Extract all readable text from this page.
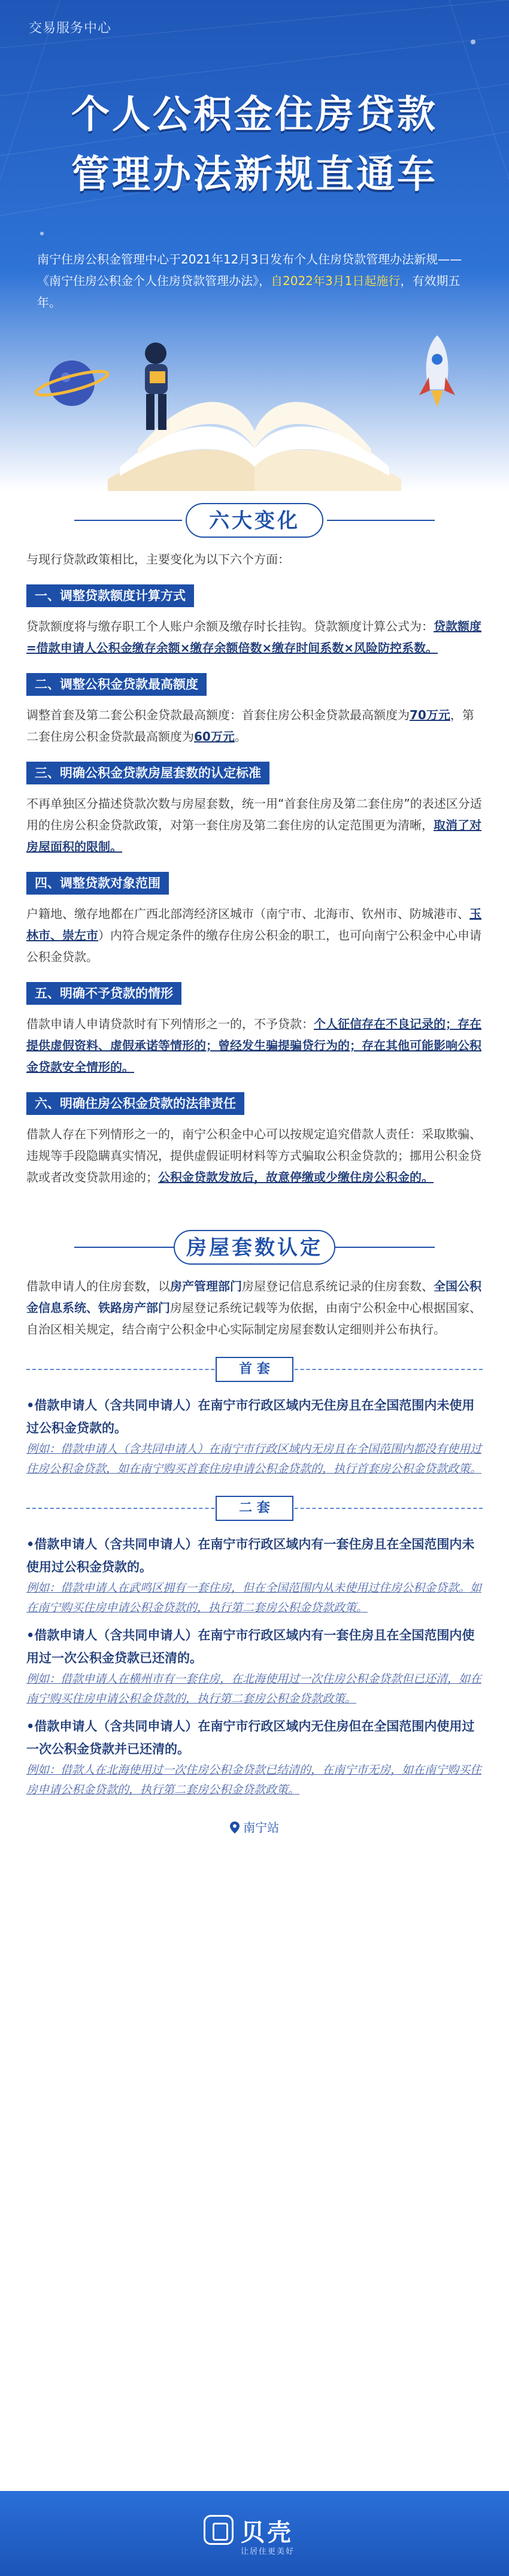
交易服务中心
个人公积金住房贷款
管理办法新规直通车
南宁住房公积金管理中心于2021年12月3日发布个人住房贷款管理办法新规——《南宁住房公积金个人住房贷款管理办法》，自2022年3月1日起施行，有效期五年。
六大变化
与现行贷款政策相比，主要变化为以下六个方面：
一、调整贷款额度计算方式
贷款额度将与缴存职工个人账户余额及缴存时长挂钩。贷款额度计算公式为：贷款额度=借款申请人公积金缴存余额×缴存余额倍数×缴存时间系数×风险防控系数。
二、调整公积金贷款最高额度
调整首套及第二套公积金贷款最高额度：首套住房公积金贷款最高额度为70万元，第二套住房公积金贷款最高额度为60万元。
三、明确公积金贷款房屋套数的认定标准
不再单独区分描述贷款次数与房屋套数，统一用“首套住房及第二套住房”的表述区分适用的住房公积金贷款政策，对第一套住房及第二套住房的认定范围更为清晰，取消了对房屋面积的限制。
四、调整贷款对象范围
户籍地、缴存地都在广西北部湾经济区城市（南宁市、北海市、钦州市、防城港市、玉林市、崇左市）内符合规定条件的缴存住房公积金的职工，也可向南宁公积金中心申请公积金贷款。
五、明确不予贷款的情形
借款申请人申请贷款时有下列情形之一的，不予贷款：个人征信存在不良记录的；存在提供虚假资料、虚假承诺等情形的；曾经发生骗提骗贷行为的；存在其他可能影响公积金贷款安全情形的。
六、明确住房公积金贷款的法律责任
借款人存在下列情形之一的，南宁公积金中心可以按规定追究借款人责任：采取欺骗、违规等手段隐瞒真实情况，提供虚假证明材料等方式骗取公积金贷款的；挪用公积金贷款或者改变贷款用途的；公积金贷款发放后，故意停缴或少缴住房公积金的。
房屋套数认定
借款申请人的住房套数，以房产管理部门房屋登记信息系统记录的住房套数、全国公积金信息系统、铁路房产部门房屋登记系统记载等为依据，由南宁公积金中心根据国家、自治区相关规定，结合南宁公积金中心实际制定房屋套数认定细则并公布执行。
首 套
•借款申请人（含共同申请人）在南宁市行政区域内无住房且在全国范围内未使用过公积金贷款的。
例如：借款申请人（含共同申请人）在南宁市行政区域内无房且在全国范围内都没有使用过住房公积金贷款，如在南宁购买首套住房申请公积金贷款的，执行首套房公积金贷款政策。
二 套
•借款申请人（含共同申请人）在南宁市行政区域内有一套住房且在全国范围内未使用过公积金贷款的。
例如：借款申请人在武鸣区拥有一套住房，但在全国范围内从未使用过住房公积金贷款。如在南宁购买住房申请公积金贷款的，执行第二套房公积金贷款政策。
•借款申请人（含共同申请人）在南宁市行政区域内有一套住房且在全国范围内使用过一次公积金贷款已还清的。
例如：借款申请人在横州市有一套住房，在北海使用过一次住房公积金贷款但已还清，如在南宁购买住房申请公积金贷款的，执行第二套房公积金贷款政策。
•借款申请人（含共同申请人）在南宁市行政区域内无住房但在全国范围内使用过一次公积金贷款并已还清的。
例如：借款人在北海使用过一次住房公积金贷款已结清的，在南宁市无房，如在南宁购买住房申请公积金贷款的，执行第二套房公积金贷款政策。
南宁站
贝壳
让居住更美好
